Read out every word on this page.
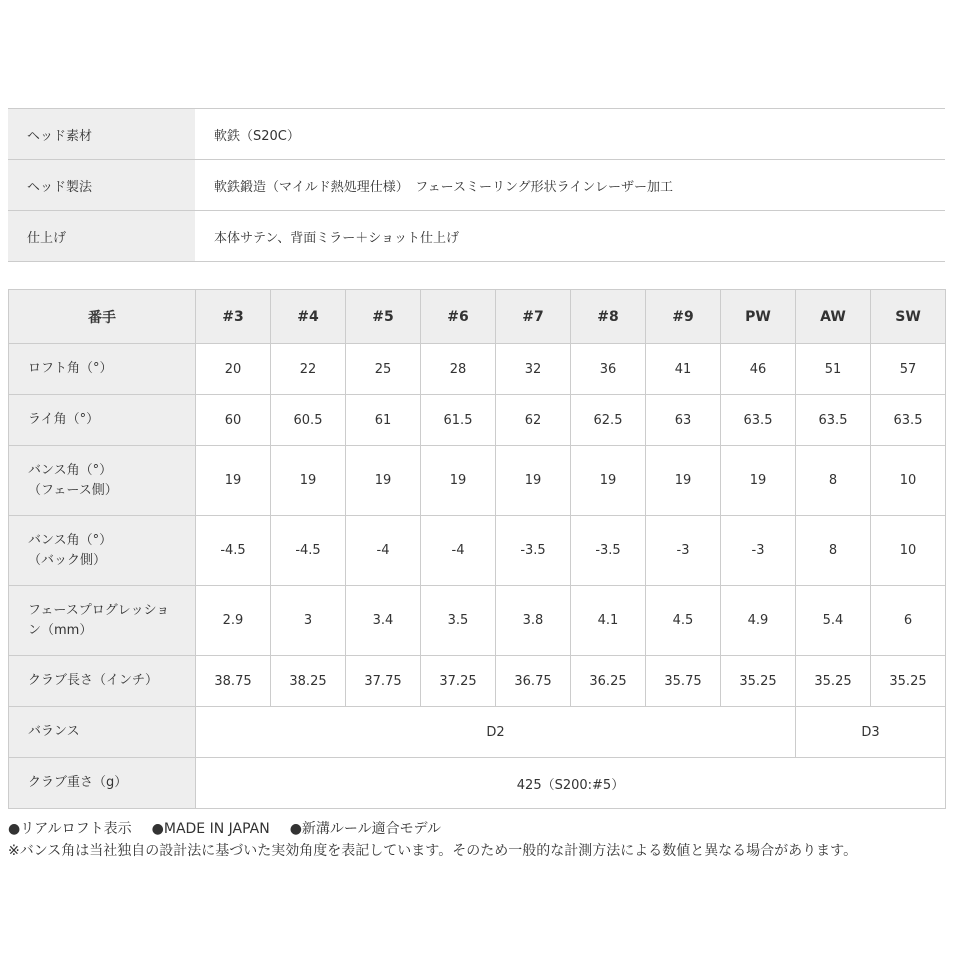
ヘッド素材	軟鉄（S20C）
ヘッド製法	軟鉄鍛造（マイルド熱処理仕様）　フェースミーリング形状ラインレーザー加工
仕上げ	本体サテン、背面ミラー＋ショット仕上げ
番手	#3	#4	#5	#6	#7	#8	#9	PW	AW	SW

ロフト角（°）	20	22	25	28	32	36	41	46	51	57

ライ角（°）	60	60.5	61	61.5	62	62.5	63	63.5	63.5	63.5

バンス角（°）
（フェース側）	19	19	19	19	19	19	19	19	8	10

バンス角（°）
（バック側）	-4.5	-4.5	-4	-4	-3.5	-3.5	-3	-3	8	10

フェースプログレッショ
ン（mm）	2.9	3	3.4	3.5	3.8	4.1	4.5	4.9	5.4	6

クラブ長さ（インチ）	38.75	38.25	37.75	37.25	36.75	36.25	35.75	35.25	35.25	35.25
バランス	D2								D3	
クラブ重さ（g）	425（S200:#5）									
●リアルロフト表示 ●MADE IN JAPAN ●新溝ルール適合モデル
※バンス角は当社独自の設計法に基づいた実効角度を表記しています。そのため一般的な計測方法による数値と異なる場合があります。
